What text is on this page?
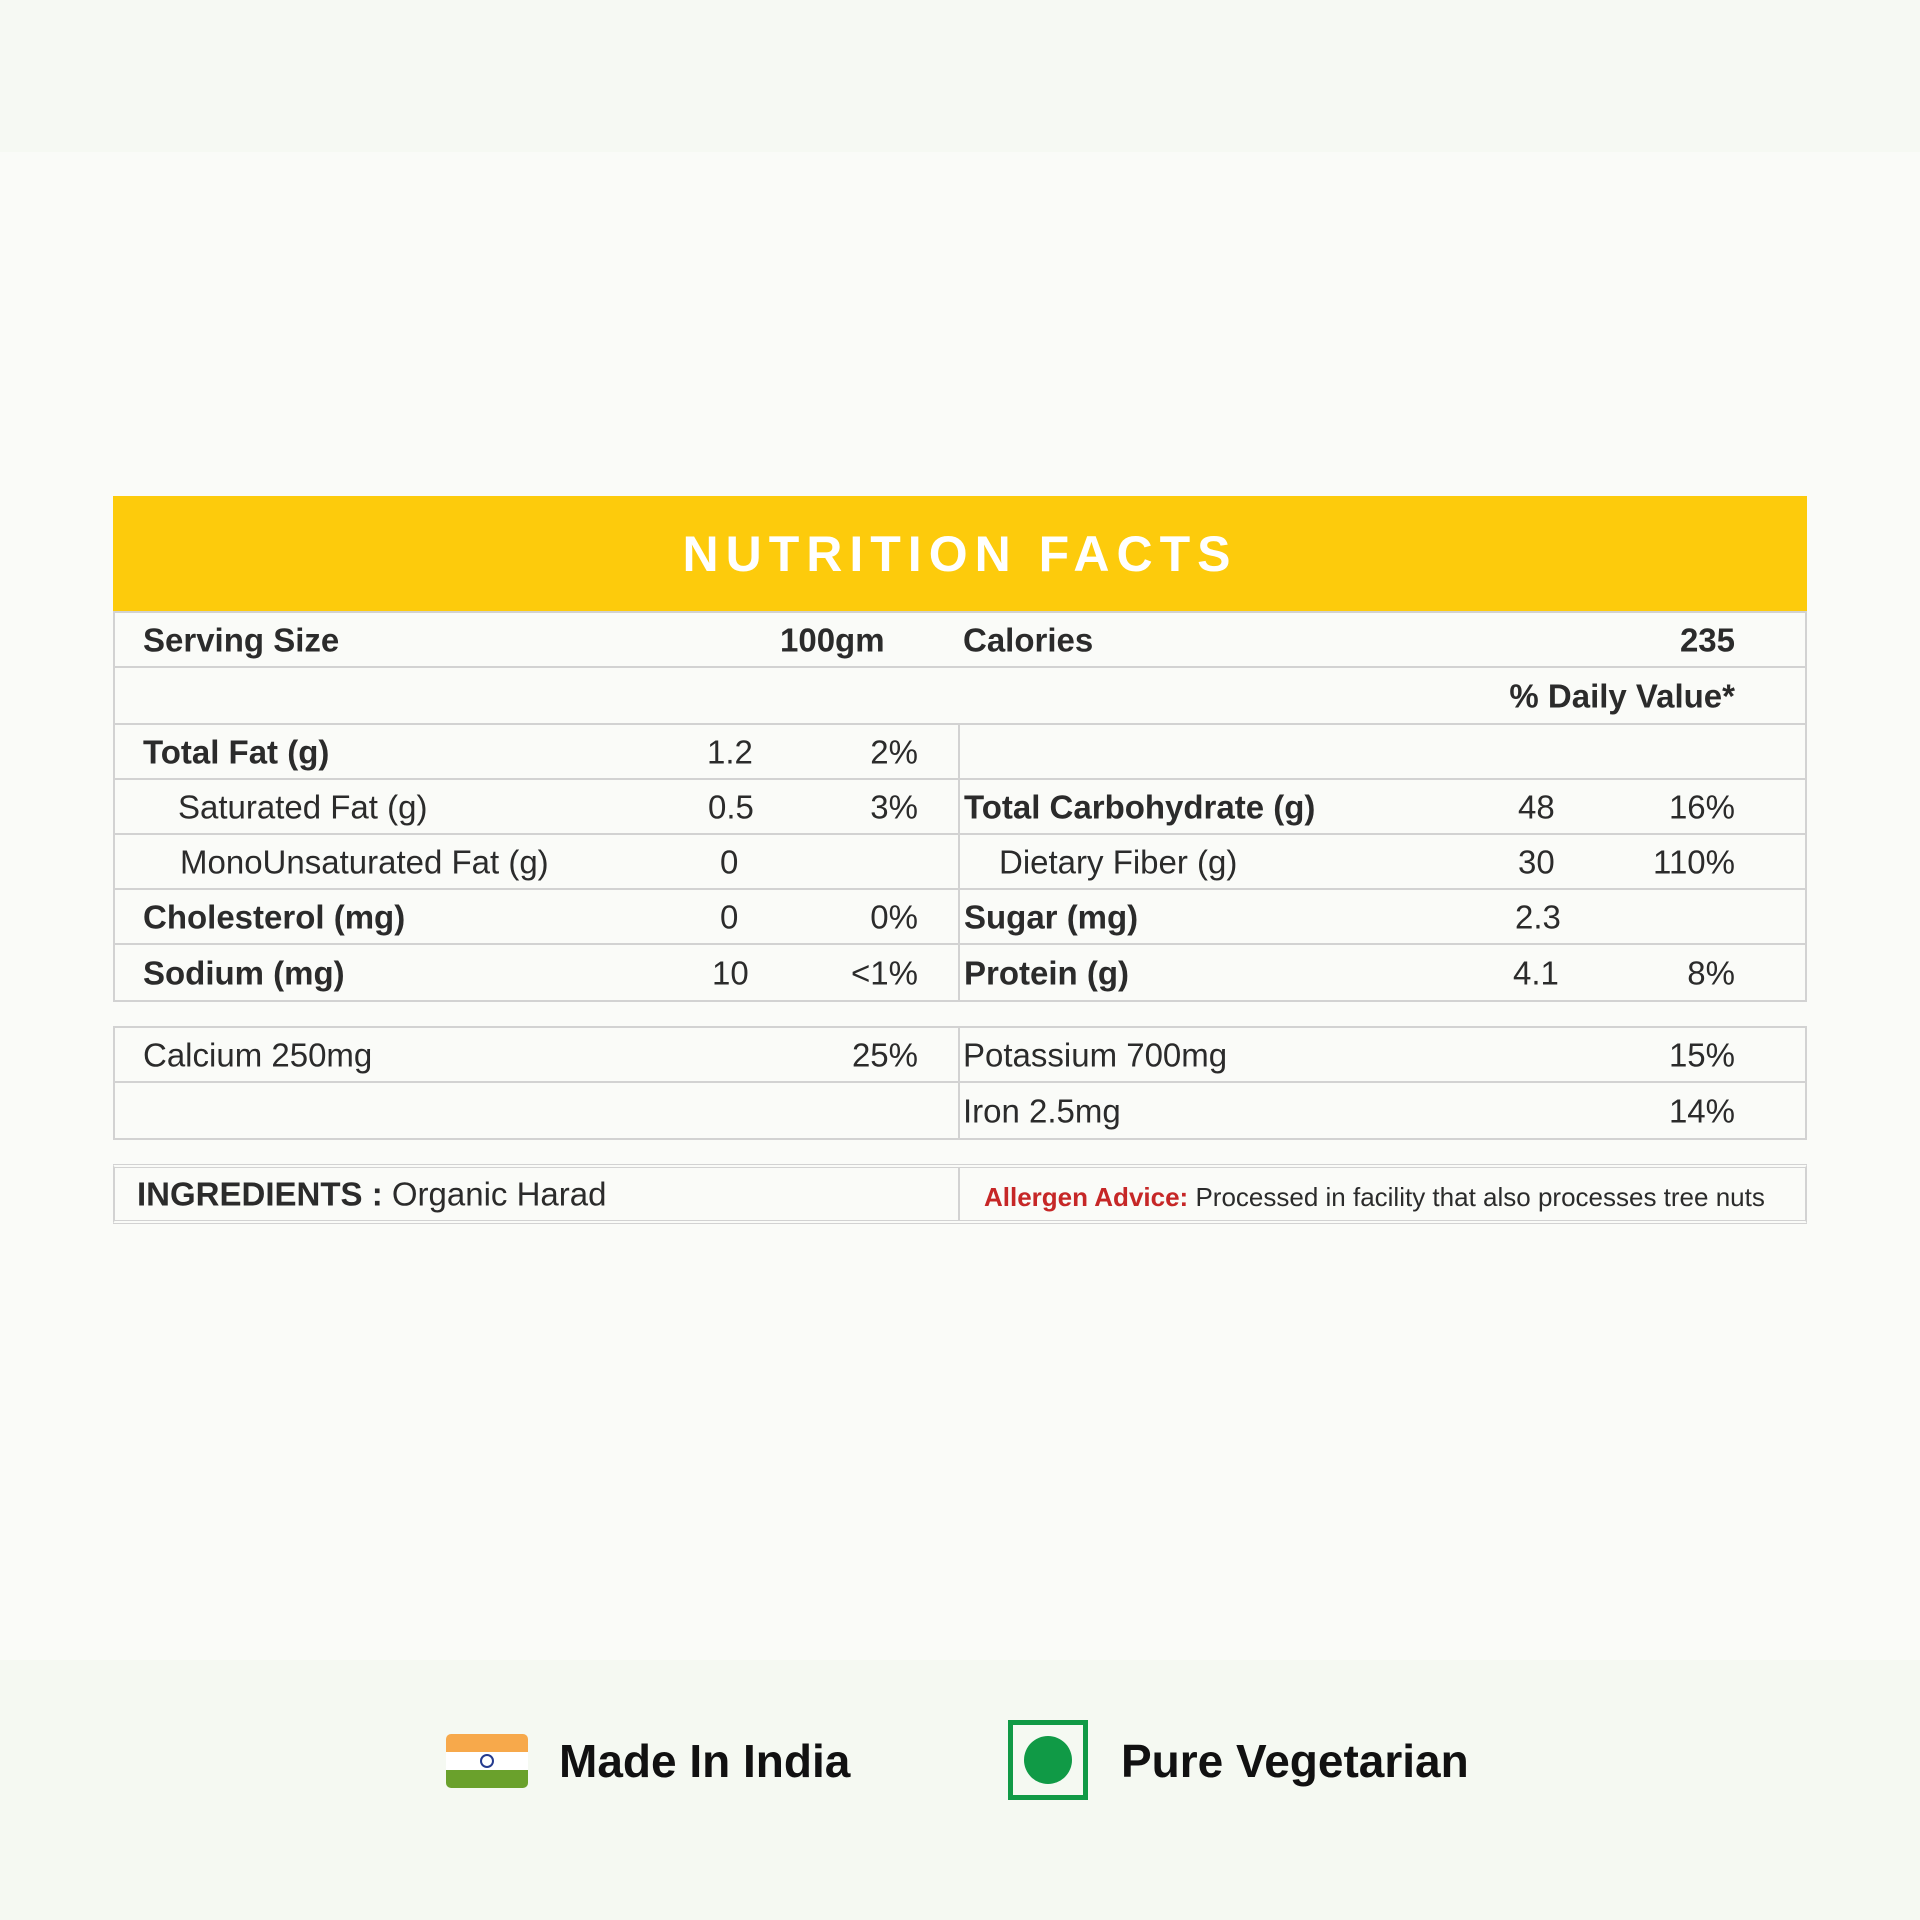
NUTRITION FACTS
Serving Size	100gm Calories	235
% Daily Value*
Total Fat (g)	1.2	2%
Saturated Fat (g)	0.5	3% Total Carbohydrate (g)	48	16%
MonoUnsaturated Fat (g)	0	Dietary Fiber (g)	30	110%
Cholesterol (mg)	0	0% Sugar (mg)	2.3
Sodium (mg)	10	<1% Protein (g)	4.1	8%
Calcium 250mg	25% Potassium 700mg	15%
Iron 2.5mg	14%
INGREDIENTS : Organic Harad	Allergen Advice: Processed in facility that also processes tree nuts
Made In India	Pure Vegetarian
